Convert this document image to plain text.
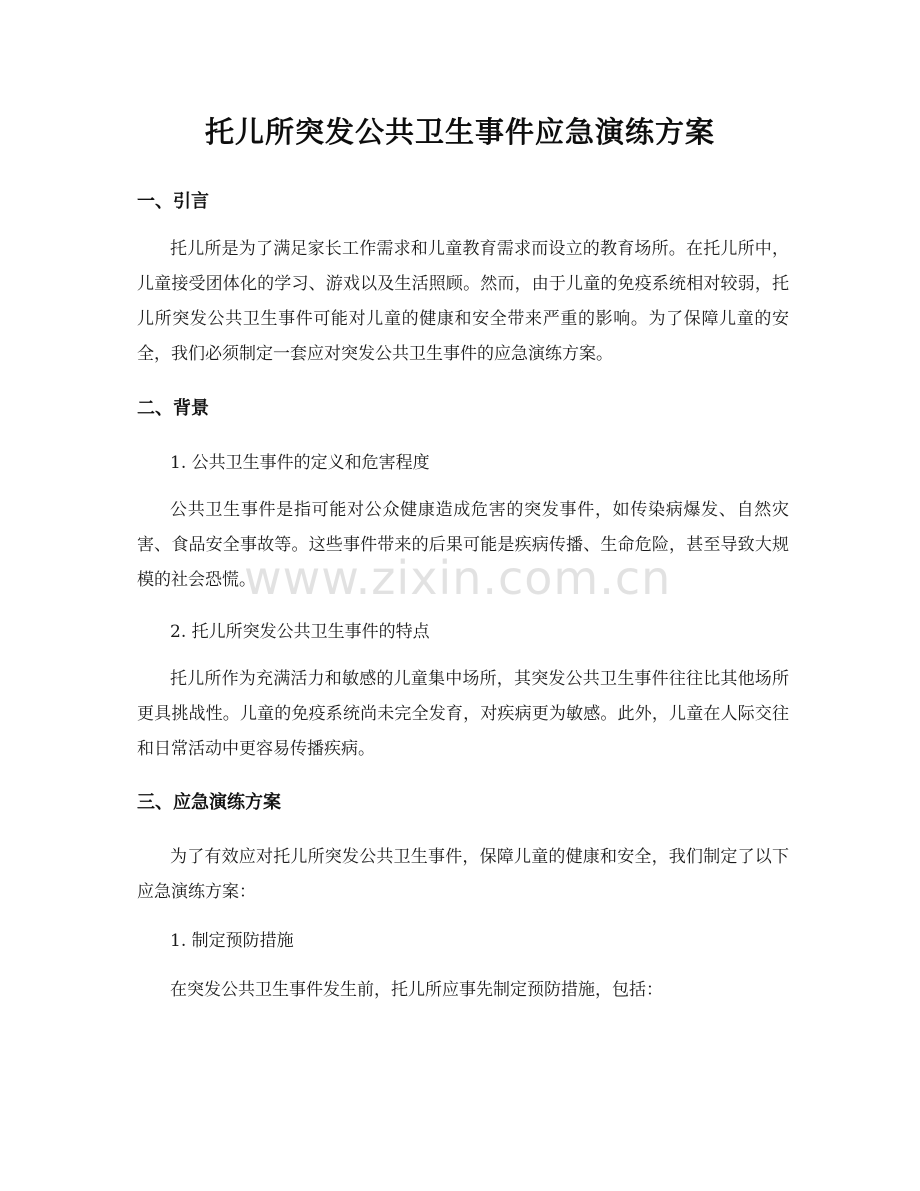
托儿所突发公共卫生事件应急演练方案
一、引言
托儿所是为了满足家长工作需求和儿童教育需求而设立的教育场所。在托儿所中，儿童接受团体化的学习、游戏以及生活照顾。然而，由于儿童的免疫系统相对较弱，托儿所突发公共卫生事件可能对儿童的健康和安全带来严重的影响。为了保障儿童的安全，我们必须制定一套应对突发公共卫生事件的应急演练方案。
二、背景
1. 公共卫生事件的定义和危害程度
公共卫生事件是指可能对公众健康造成危害的突发事件，如传染病爆发、自然灾害、食品安全事故等。这些事件带来的后果可能是疾病传播、生命危险，甚至导致大规模的社会恐慌。
2. 托儿所突发公共卫生事件的特点
托儿所作为充满活力和敏感的儿童集中场所，其突发公共卫生事件往往比其他场所更具挑战性。儿童的免疫系统尚未完全发育，对疾病更为敏感。此外，儿童在人际交往和日常活动中更容易传播疾病。
三、应急演练方案
为了有效应对托儿所突发公共卫生事件，保障儿童的健康和安全，我们制定了以下应急演练方案：
1. 制定预防措施
在突发公共卫生事件发生前，托儿所应事先制定预防措施，包括：
www.zixin.com.cn
